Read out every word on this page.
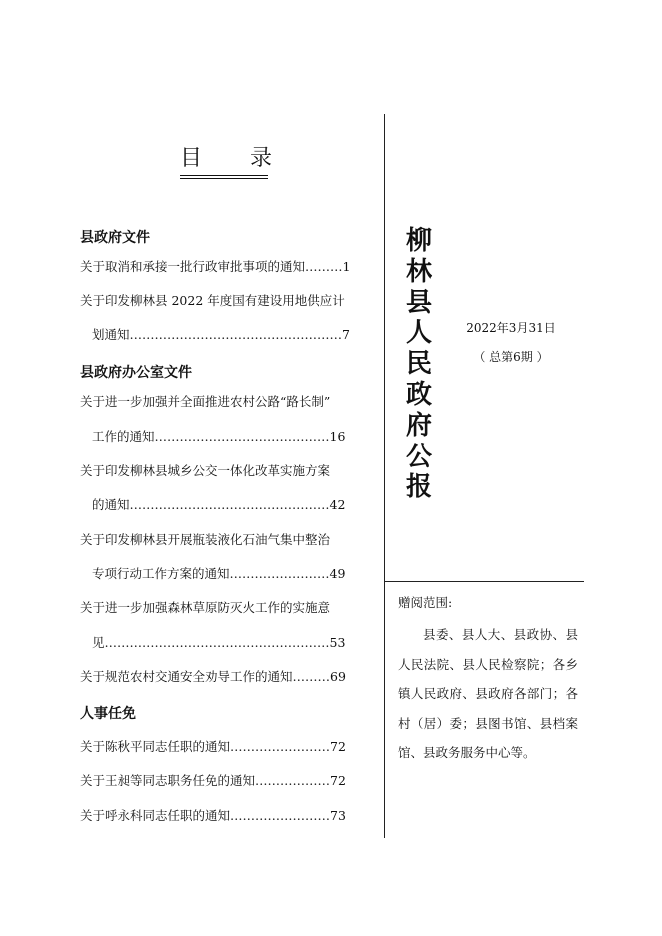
目 录
县政府文件
关于取消和承接一批行政审批事项的通知………1
关于印发柳林县 2022 年度国有建设用地供应计
划通知……………………………………………7
县政府办公室文件
关于进一步加强并全面推进农村公路“路长制”
工作的通知……………………………………16
关于印发柳林县城乡公交一体化改革实施方案
的通知…………………………………………42
关于印发柳林县开展瓶装液化石油气集中整治
专项行动工作方案的通知……………………49
关于进一步加强森林草原防灭火工作的实施意
见………………………………………………53
关于规范农村交通安全劝导工作的通知………69
人事任免
关于陈秋平同志任职的通知……………………72
关于王昶等同志职务任免的通知………………72
关于呼永科同志任职的通知……………………73
柳
林
县
人
民
政
府
公
报
2022年3月31日
（ 总第6期 ）
赠阅范围:
县委、县人大、县政协、县人民法院、县人民检察院；各乡镇人民政府、县政府各部门；各村（居）委；县图书馆、县档案馆、县政务服务中心等。
